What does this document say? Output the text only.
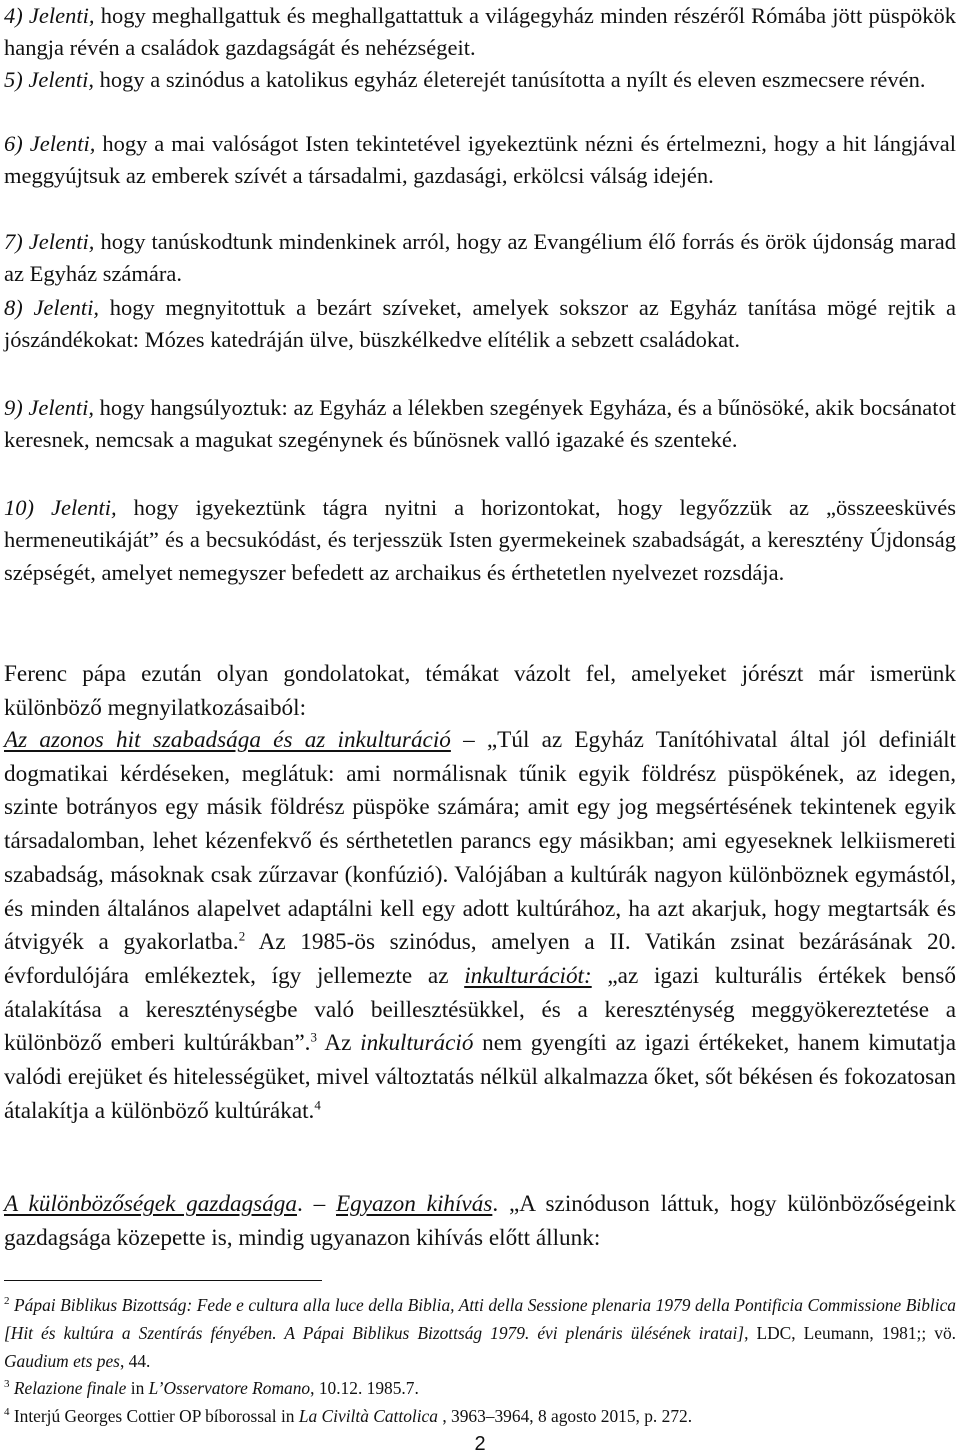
4) Jelenti, hogy meghallgattuk és meghallgattattuk a világegyház minden részéről Rómába jött püspökök hangja révén a családok gazdagságát és nehézségeit.

5) Jelenti, hogy a szinódus a katolikus egyház életerejét tanúsította a nyílt és eleven eszmecsere révén.

6) Jelenti, hogy a mai valóságot Isten tekintetével igyekeztünk nézni és értelmezni, hogy a hit lángjával meggyújtsuk az emberek szívét a társadalmi, gazdasági, erkölcsi válság idején.

7) Jelenti, hogy tanúskodtunk mindenkinek arról, hogy az Evangélium élő forrás és örök újdonság marad az Egyház számára.

8) Jelenti, hogy megnyitottuk a bezárt szíveket, amelyek sokszor az Egyház tanítása mögé rejtik a jószándékokat: Mózes katedráján ülve, büszkélkedve elítélik a sebzett családokat.

9) Jelenti, hogy hangsúlyoztuk: az Egyház a lélekben szegények Egyháza, és a bűnösöké, akik bocsánatot keresnek, nemcsak a magukat szegénynek és bűnösnek valló igazaké és szenteké.

10) Jelenti, hogy igyekeztünk tágra nyitni a horizontokat, hogy legyőzzük az „összeesküvés hermeneutikáját” és a becsukódást, és terjesszük Isten gyermekeinek szabadságát, a keresztény Újdonság szépségét, amelyet nemegyszer befedett az archaikus és érthetetlen nyelvezet rozsdája.

Ferenc pápa ezután olyan gondolatokat, témákat vázolt fel, amelyeket jórészt már ismerünk különböző megnyilatkozásaiból:

Az azonos hit szabadsága és az inkulturáció – „Túl az Egyház Tanítóhivatal által jól definiált dogmatikai kérdéseken, meglátuk: ami normálisnak tűnik egyik földrész püspökének, az idegen, szinte botrányos egy másik földrész püspöke számára; amit egy jog megsértésének tekintenek egyik társadalomban, lehet kézenfekvő és sérthetetlen parancs egy másikban; ami egyeseknek lelkiismereti szabadság, másoknak csak zűrzavar (konfúzió). Valójában a kultúrák nagyon különböznek egymástól, és minden általános alapelvet adaptálni kell egy adott kultúrához, ha azt akarjuk, hogy megtartsák és átvigyék a gyakorlatba.$^2$ Az 1985-ös szinódus, amelyen a II. Vatikán zsinat bezárásának 20. évfordulójára emlékeztek, így jellemezte az inkulturációt: „az igazi kulturális értékek benső átalakítása a kereszténységbe való beillesztésükkel, és a kereszténység meggyökereztetése a különböző emberi kultúrákban”.$^3$ Az inkulturáció nem gyengíti az igazi értékeket, hanem kimutatja valódi erejüket és hitelességüket, mivel változtatás nélkül alkalmazza őket, sőt békésen és fokozatosan átalakítja a különböző kultúrákat.$^4$

A különbözőségek gazdagsága. – Egyazon kihívás. „A szinóduson láttuk, hogy különbözőségeink gazdagsága közepette is, mindig ugyanazon kihívás előtt állunk:

$^2$ Pápai Biblikus Bizottság: Fede e cultura alla luce della Biblia, Atti della Sessione plenaria 1979 della Pontificia Commissione Biblica [Hit és kultúra a Szentírás fényében. A Pápai Biblikus Bizottság 1979. évi plenáris ülésének iratai], LDC, Leumann, 1981;; vö. Gaudium ets pes, 44.

$^3$ Relazione finale in L’Osservatore Romano, 10.12. 1985.7.

$^4$ Interjú Georges Cottier OP bíborossal in La Civiltà Cattolica , 3963–3964, 8 agosto 2015, p. 272.

2
